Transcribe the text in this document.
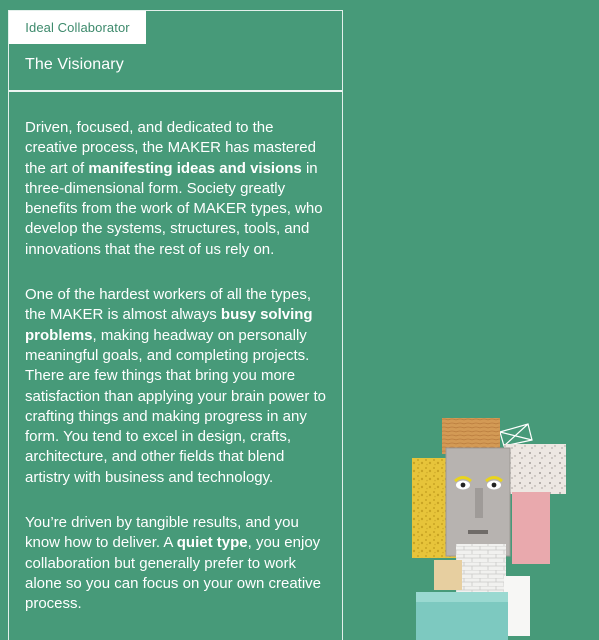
Ideal Collaborator
The Visionary

Driven, focused, and dedicated to the creative process, the MAKER has mastered the art of manifesting ideas and visions in three-dimensional form. Society greatly benefits from the work of MAKER types, who develop the systems, structures, tools, and innovations that the rest of us rely on.

One of the hardest workers of all the types, the MAKER is almost always busy solving problems, making headway on personally meaningful goals, and completing projects. There are few things that bring you more satisfaction than applying your brain power to crafting things and making progress in any form. You tend to excel in design, crafts, architecture, and other fields that blend artistry with business and technology.

You’re driven by tangible results, and you know how to deliver. A quiet type, you enjoy collaboration but generally prefer to work alone so you can focus on your own creative process.
